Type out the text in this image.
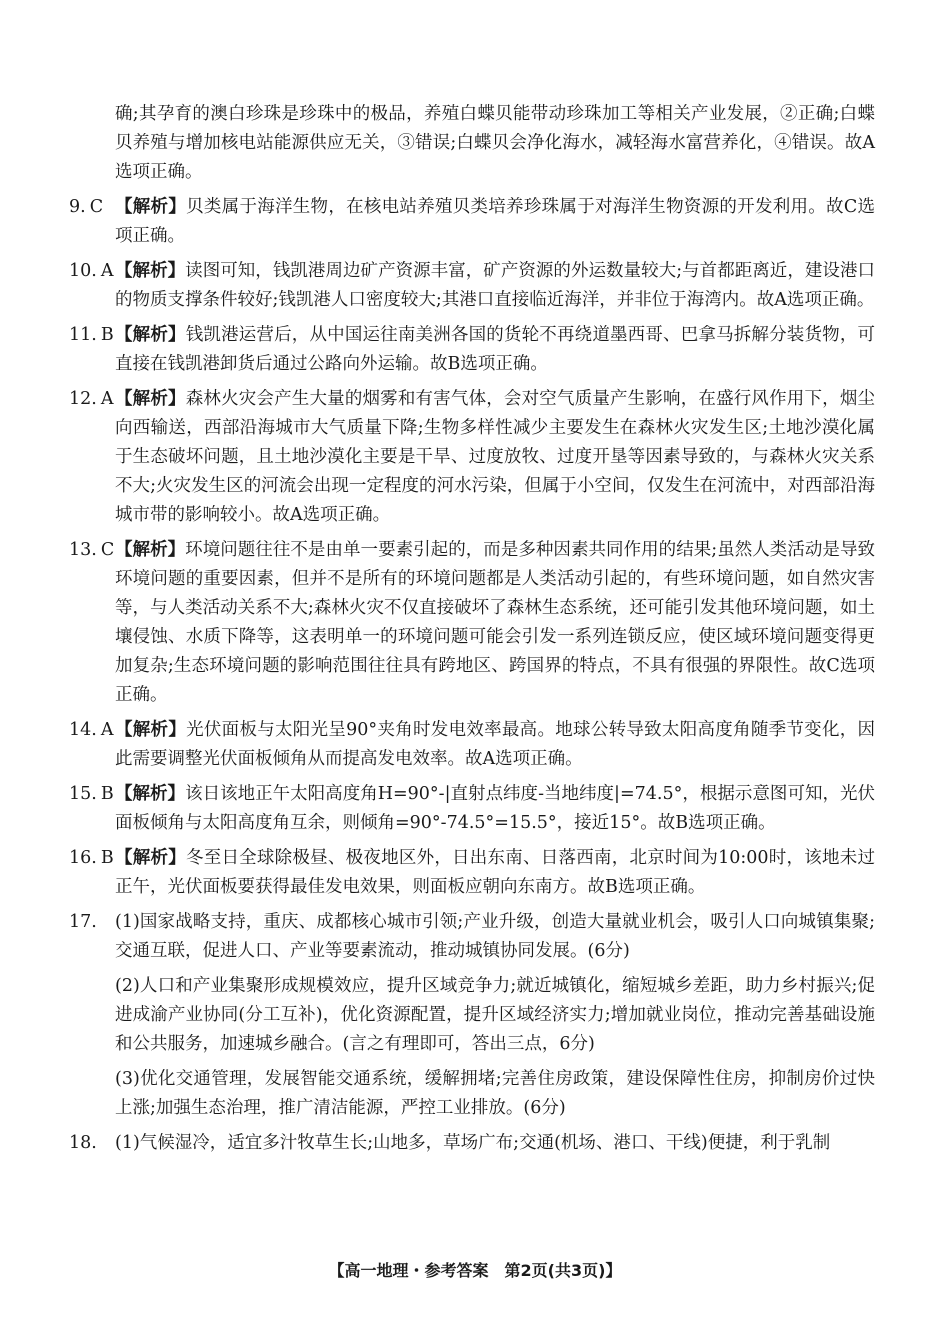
确;其孕育的澳白珍珠是珍珠中的极品，养殖白蝶贝能带动珍珠加工等相关产业发展，②正确;白蝶贝养殖与增加核电站能源供应无关，③错误;白蝶贝会净化海水，减轻海水富营养化，④错误。故A选项正确。

9. C 【解析】贝类属于海洋生物，在核电站养殖贝类培养珍珠属于对海洋生物资源的开发利用。故C选项正确。

10. A 【解析】读图可知，钱凯港周边矿产资源丰富，矿产资源的外运数量较大;与首都距离近，建设港口的物质支撑条件较好;钱凯港人口密度较大;其港口直接临近海洋，并非位于海湾内。故A选项正确。

11. B 【解析】钱凯港运营后，从中国运往南美洲各国的货轮不再绕道墨西哥、巴拿马拆解分装货物，可直接在钱凯港卸货后通过公路向外运输。故B选项正确。

12. A 【解析】森林火灾会产生大量的烟雾和有害气体，会对空气质量产生影响，在盛行风作用下，烟尘向西输送，西部沿海城市大气质量下降;生物多样性减少主要发生在森林火灾发生区;土地沙漠化属于生态破坏问题，且土地沙漠化主要是干旱、过度放牧、过度开垦等因素导致的，与森林火灾关系不大;火灾发生区的河流会出现一定程度的河水污染，但属于小空间，仅发生在河流中，对西部沿海城市带的影响较小。故A选项正确。

13. C 【解析】环境问题往往不是由单一要素引起的，而是多种因素共同作用的结果;虽然人类活动是导致环境问题的重要因素，但并不是所有的环境问题都是人类活动引起的，有些环境问题，如自然灾害等，与人类活动关系不大;森林火灾不仅直接破坏了森林生态系统，还可能引发其他环境问题，如土壤侵蚀、水质下降等，这表明单一的环境问题可能会引发一系列连锁反应，使区域环境问题变得更加复杂;生态环境问题的影响范围往往具有跨地区、跨国界的特点，不具有很强的界限性。故C选项正确。

14. A 【解析】光伏面板与太阳光呈90°夹角时发电效率最高。地球公转导致太阳高度角随季节变化，因此需要调整光伏面板倾角从而提高发电效率。故A选项正确。

15. B 【解析】该日该地正午太阳高度角H=90°-|直射点纬度-当地纬度|=74.5°，根据示意图可知，光伏面板倾角与太阳高度角互余，则倾角=90°-74.5°=15.5°，接近15°。故B选项正确。

16. B 【解析】冬至日全球除极昼、极夜地区外，日出东南、日落西南，北京时间为10:00时，该地未过正午，光伏面板要获得最佳发电效果，则面板应朝向东南方。故B选项正确。

17. (1)国家战略支持，重庆、成都核心城市引领;产业升级，创造大量就业机会，吸引人口向城镇集聚;交通互联，促进人口、产业等要素流动，推动城镇协同发展。(6分)

(2)人口和产业集聚形成规模效应，提升区域竞争力;就近城镇化，缩短城乡差距，助力乡村振兴;促进成渝产业协同(分工互补)，优化资源配置，提升区域经济实力;增加就业岗位，推动完善基础设施和公共服务，加速城乡融合。(言之有理即可，答出三点，6分)

(3)优化交通管理，发展智能交通系统，缓解拥堵;完善住房政策，建设保障性住房，抑制房价过快上涨;加强生态治理，推广清洁能源，严控工业排放。(6分)

18. (1)气候湿冷，适宜多汁牧草生长;山地多，草场广布;交通(机场、港口、干线)便捷，利于乳制

【高一地理・参考答案　第2页(共3页)】
